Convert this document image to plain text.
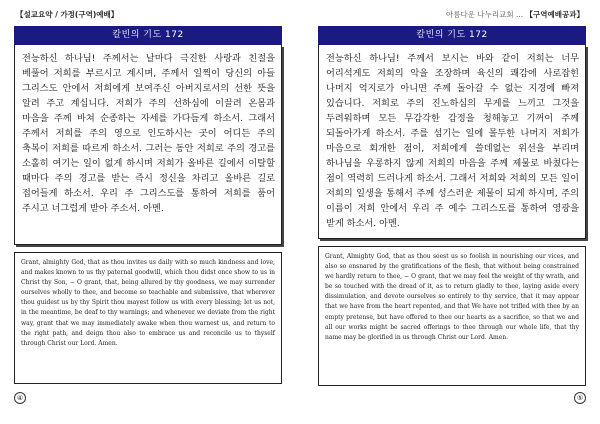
【설교요약 / 가정(구역)예배】	아름다운 나누리교회 ... 【구역예배공과】
칼빈의 기도 172
전능하신 하나님! 주께서는 날마다 극진한 사랑과 친절을 베풀어 저희를 부르시고 계시며, 주께서 일찍이 당신의 아들 그리스도 안에서 저희에게 보여주신 아버지로서의 선한 뜻을 알려 주고 계십니다. 저희가 주의 선하심에 이끌려 온몸과 마음을 주께 바쳐 순종하는 자세를 가다듬게 하소서. 그래서 주께서 저희를 주의 영으로 인도하시는 곳이 어디든 주의 축복이 저희를 따르게 하소서. 그러는 동안 저희로 주의 경고를 소홀히 여기는 일이 없게 하시며 저희가 올바른 길에서 이탈할 때마다 주의 경고를 받는 즉시 정신을 차리고 올바른 길로 접어들게 하소서. 우리 주 그리스도를 통하여 저희를 품어 주시고 너그럽게 받아 주소서. 아멘.
Grant, almighty God, that as thou invites us daily with so much kindness and love, and makes known to us thy paternal goodwill, which thou didst once show to us in Christ thy Son, − O grant, that, being allured by thy goodness, we may surrender ourselves wholly to thee, and become so teachable and submissive, that wherever thou guidest us by thy Spirit thou mayest follow us with every blessing; let us not, in the meantime, be deaf to thy warnings; and whenever we deviate from the right way, grant that we may immediately awake when thou warnest us, and return to the right path, and deign thou also to embrace us and reconcile us to thyself through Christ our Lord. Amen.
칼빈의 기도 172
전능하신 하나님! 주께서 보시는 바와 같이 저희는 너무 어리석게도 저희의 악을 조장하며 육신의 쾌감에 사로잡힌 나머지 억지로가 아니면 주께 돌아갈 수 없는 지경에 빠져 있습니다. 저희로 주의 진노하심의 무게를 느끼고 그것을 두려워하며 모든 무감각한 감정을 청해놓고 기꺼이 주께 되돌아가게 하소서. 주를 섬기는 일에 몰두한 나머지 저희가 마음으로 회개한 점이, 저희에게 쓸데없는 위선을 부리며 하나님을 우롱하지 않게 저희의 마음을 주께 제물로 바쳤다는 점이 역력히 드러나게 하소서. 그래서 저희와 저희의 모든 일이 저희의 일생을 통해서 주께 성스러운 제물이 되게 하시며, 주의 이름이 저희 안에서 우리 주 예수 그리스도를 통하여 영광을 받게 하소서. 아멘.
Grant, Almighty God, that as thou seest us so foolish in nourishing our vices, and also so ensnared by the gratifications of the flesh, that without being constrained we hardly return to thee, − O grant, that we may feel the weight of thy wrath, and be so touched with the dread of it, as to return gladly to thee, laying aside every dissimulation, and devote ourselves so entirely to thy service, that it may appear that we have from the heart repented, and that We have not trifled with thee by an empty pretense, but have offered to thee our hearts as a sacrifice, so that we and all our works might be sacred offerings to thee through our whole life, that thy name may be glorified in us through Christ our Lord. Amen.
④	⑤
